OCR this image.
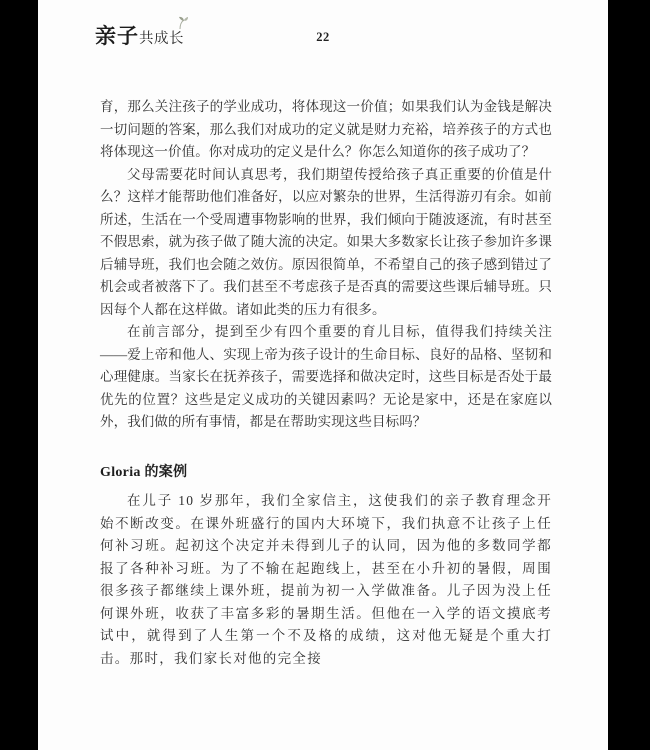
亲子 共成长	22

育，那么关注孩子的学业成功，将体现这一价值；如果我们认为金钱是解决一切问题的答案，那么我们对成功的定义就是财力充裕，培养孩子的方式也将体现这一价值。你对成功的定义是什么？你怎么知道你的孩子成功了？

父母需要花时间认真思考，我们期望传授给孩子真正重要的价值是什么？这样才能帮助他们准备好，以应对繁杂的世界，生活得游刃有余。如前所述，生活在一个受周遭事物影响的世界，我们倾向于随波逐流，有时甚至不假思索，就为孩子做了随大流的决定。如果大多数家长让孩子参加许多课后辅导班，我们也会随之效仿。原因很简单，不希望自己的孩子感到错过了机会或者被落下了。我们甚至不考虑孩子是否真的需要这些课后辅导班。只因每个人都在这样做。诸如此类的压力有很多。

在前言部分，提到至少有四个重要的育儿目标，值得我们持续关注 ——爱上帝和他人、实现上帝为孩子设计的生命目标、良好的品格、坚韧和心理健康。当家长在抚养孩子，需要选择和做决定时，这些目标是否处于最优先的位置？这些是定义成功的关键因素吗？无论是家中，还是在家庭以外，我们做的所有事情，都是在帮助实现这些目标吗？

Gloria 的案例

在儿子 10 岁那年，我们全家信主，这使我们的亲子教育理念开始不断改变。在课外班盛行的国内大环境下，我们执意不让孩子上任何补习班。起初这个决定并未得到儿子的认同，因为他的多数同学都报了各种补习班。为了不输在起跑线上，甚至在小升初的暑假，周围很多孩子都继续上课外班，提前为初一入学做准备。儿子因为没上任何课外班，收获了丰富多彩的暑期生活。但他在一入学的语文摸底考试中，就得到了人生第一个不及格的成绩，这对他无疑是个重大打击。那时，我们家长对他的完全接
